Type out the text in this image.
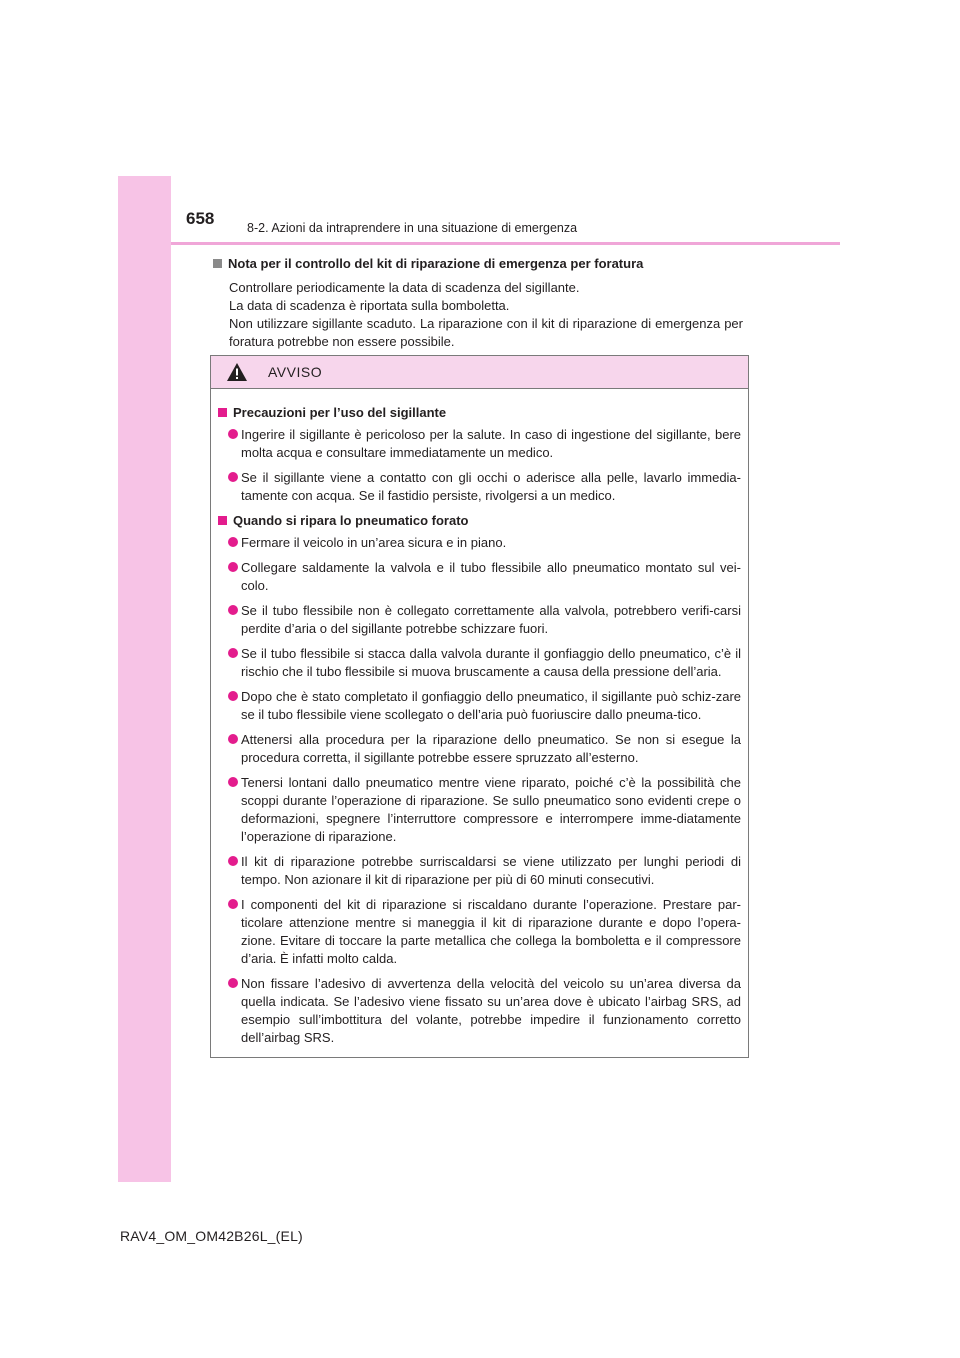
658	8-2. Azioni da intraprendere in una situazione di emergenza
Nota per il controllo del kit di riparazione di emergenza per foratura

Controllare periodicamente la data di scadenza del sigillante.

La data di scadenza è riportata sulla bomboletta.

Non utilizzare sigillante scaduto. La riparazione con il kit di riparazione di emergenza per foratura potrebbe non essere possibile.

AVVISO
Precauzioni per l’uso del sigillante
Ingerire il sigillante è pericoloso per la salute. In caso di ingestione del sigillante, bere molta acqua e consultare immediatamente un medico.
Se il sigillante viene a contatto con gli occhi o aderisce alla pelle, lavarlo immedia-tamente con acqua. Se il fastidio persiste, rivolgersi a un medico.
Quando si ripara lo pneumatico forato
Fermare il veicolo in un’area sicura e in piano.
Collegare saldamente la valvola e il tubo flessibile allo pneumatico montato sul vei-colo.
Se il tubo flessibile non è collegato correttamente alla valvola, potrebbero verifi-carsi perdite d’aria o del sigillante potrebbe schizzare fuori.
Se il tubo flessibile si stacca dalla valvola durante il gonfiaggio dello pneumatico, c’è il rischio che il tubo flessibile si muova bruscamente a causa della pressione dell’aria.
Dopo che è stato completato il gonfiaggio dello pneumatico, il sigillante può schiz-zare se il tubo flessibile viene scollegato o dell’aria può fuoriuscire dallo pneuma-tico.
Attenersi alla procedura per la riparazione dello pneumatico. Se non si esegue la procedura corretta, il sigillante potrebbe essere spruzzato all’esterno.
Tenersi lontani dallo pneumatico mentre viene riparato, poiché c’è la possibilità che scoppi durante l’operazione di riparazione. Se sullo pneumatico sono evidenti crepe o deformazioni, spegnere l’interruttore compressore e interrompere imme-diatamente l’operazione di riparazione.
Il kit di riparazione potrebbe surriscaldarsi se viene utilizzato per lunghi periodi di tempo. Non azionare il kit di riparazione per più di 60 minuti consecutivi.
I componenti del kit di riparazione si riscaldano durante l’operazione. Prestare par-ticolare attenzione mentre si maneggia il kit di riparazione durante e dopo l’opera-zione. Evitare di toccare la parte metallica che collega la bomboletta e il compressore d’aria. È infatti molto calda.
Non fissare l’adesivo di avvertenza della velocità del veicolo su un’area diversa da quella indicata. Se l’adesivo viene fissato su un’area dove è ubicato l’airbag SRS, ad esempio sull’imbottitura del volante, potrebbe impedire il funzionamento corretto dell’airbag SRS.
RAV4_OM_OM42B26L_(EL)
